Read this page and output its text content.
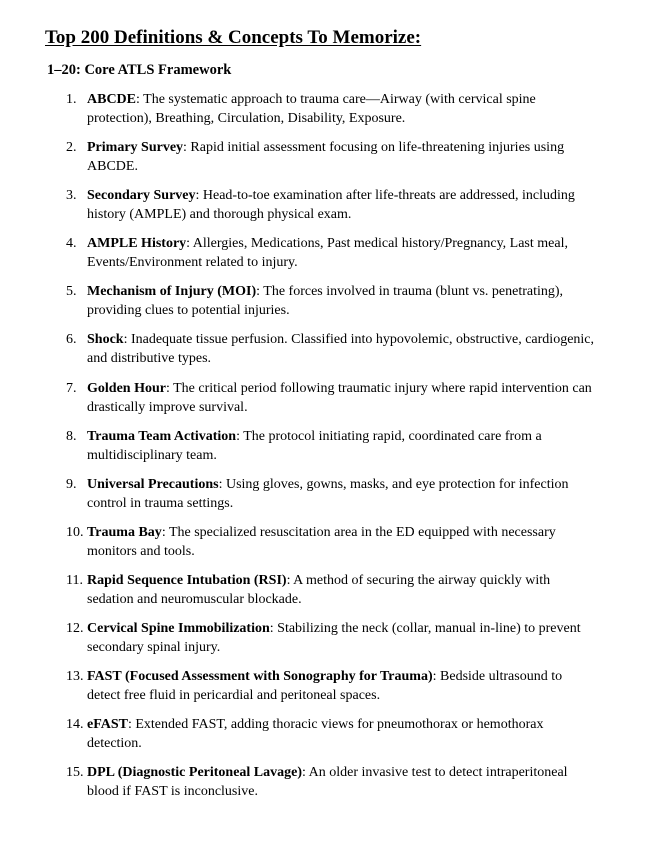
Top 200 Definitions & Concepts To Memorize:
1–20: Core ATLS Framework
1. ABCDE: The systematic approach to trauma care—Airway (with cervical spine protection), Breathing, Circulation, Disability, Exposure.
2. Primary Survey: Rapid initial assessment focusing on life-threatening injuries using ABCDE.
3. Secondary Survey: Head-to-toe examination after life-threats are addressed, including history (AMPLE) and thorough physical exam.
4. AMPLE History: Allergies, Medications, Past medical history/Pregnancy, Last meal, Events/Environment related to injury.
5. Mechanism of Injury (MOI): The forces involved in trauma (blunt vs. penetrating), providing clues to potential injuries.
6. Shock: Inadequate tissue perfusion. Classified into hypovolemic, obstructive, cardiogenic, and distributive types.
7. Golden Hour: The critical period following traumatic injury where rapid intervention can drastically improve survival.
8. Trauma Team Activation: The protocol initiating rapid, coordinated care from a multidisciplinary team.
9. Universal Precautions: Using gloves, gowns, masks, and eye protection for infection control in trauma settings.
10. Trauma Bay: The specialized resuscitation area in the ED equipped with necessary monitors and tools.
11. Rapid Sequence Intubation (RSI): A method of securing the airway quickly with sedation and neuromuscular blockade.
12. Cervical Spine Immobilization: Stabilizing the neck (collar, manual in-line) to prevent secondary spinal injury.
13. FAST (Focused Assessment with Sonography for Trauma): Bedside ultrasound to detect free fluid in pericardial and peritoneal spaces.
14. eFAST: Extended FAST, adding thoracic views for pneumothorax or hemothorax detection.
15. DPL (Diagnostic Peritoneal Lavage): An older invasive test to detect intraperitoneal blood if FAST is inconclusive.
